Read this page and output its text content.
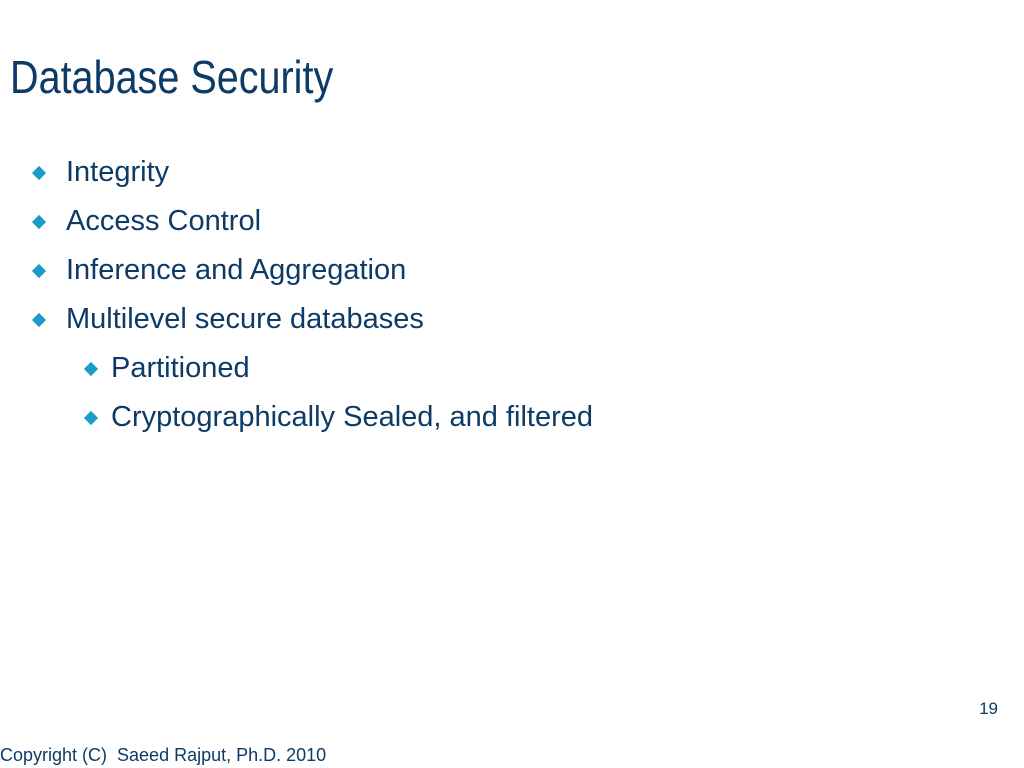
Database Security
Integrity
Access Control
Inference and Aggregation
Multilevel secure databases
Partitioned
Cryptographically Sealed, and filtered
19
Copyright (C)  Saeed Rajput, Ph.D. 2010
